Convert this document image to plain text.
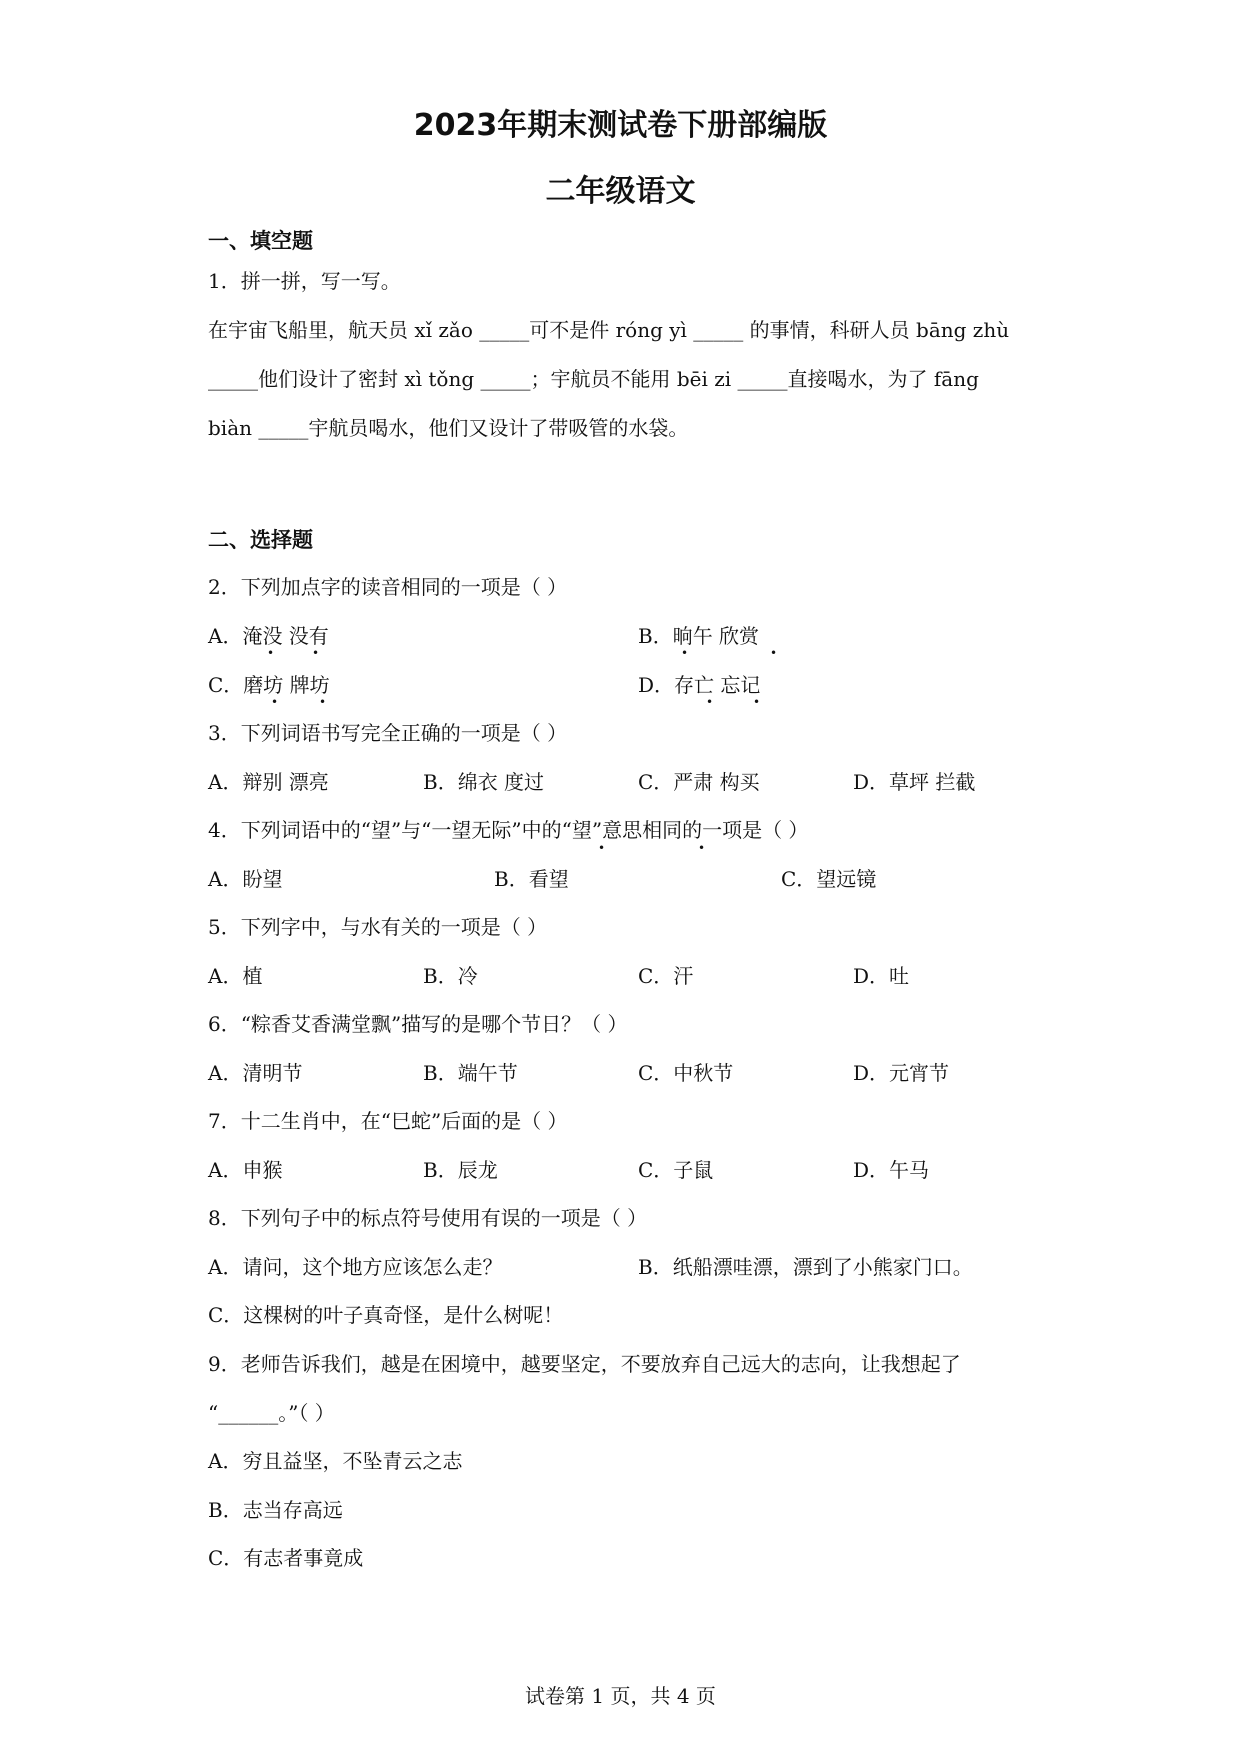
2023年期末测试卷下册部编版
二年级语文
一、填空题
1．拼一拼，写一写。
在宇宙飞船里，航天员 xǐ zǎo _____可不是件 róng yì _____ 的事情，科研人员 bāng zhù
_____他们设计了密封 xì tǒng _____；宇航员不能用 bēi zi _____直接喝水，为了 fāng
biàn _____宇航员喝水，他们又设计了带吸管的水袋。
二、选择题
2．下列加点字的读音相同的一项是（ ）
A．淹没 没有	B．晌午 欣赏
C．磨坊 牌坊	D．存亡 忘记
•	•	•	•
•	•	•	•
3．下列词语书写完全正确的一项是（ ）
A．辩别 漂亮	B．绵衣 度过	C．严肃 构买	D．草坪 拦截
4．下列词语中的“望”与“一望无际”中的“望”意思相同的一项是（ ）
•	•
A．盼望	B．看望	C．望远镜
5．下列字中，与水有关的一项是（ ）
A．植	B．冷	C．汗	D．吐
6．“粽香艾香满堂飘”描写的是哪个节日？（ ）
A．清明节	B．端午节	C．中秋节	D．元宵节
7．十二生肖中，在“巳蛇”后面的是（ ）
A．申猴	B．辰龙	C．子鼠	D．午马
8．下列句子中的标点符号使用有误的一项是（ ）
A．请问，这个地方应该怎么走？	B．纸船漂哇漂，漂到了小熊家门口。
C．这棵树的叶子真奇怪，是什么树呢！
9．老师告诉我们，越是在困境中，越要坚定，不要放弃自己远大的志向，让我想起了
“______。”（ ）
A．穷且益坚，不坠青云之志
B．志当存高远
C．有志者事竟成
试卷第 1 页，共 4 页
